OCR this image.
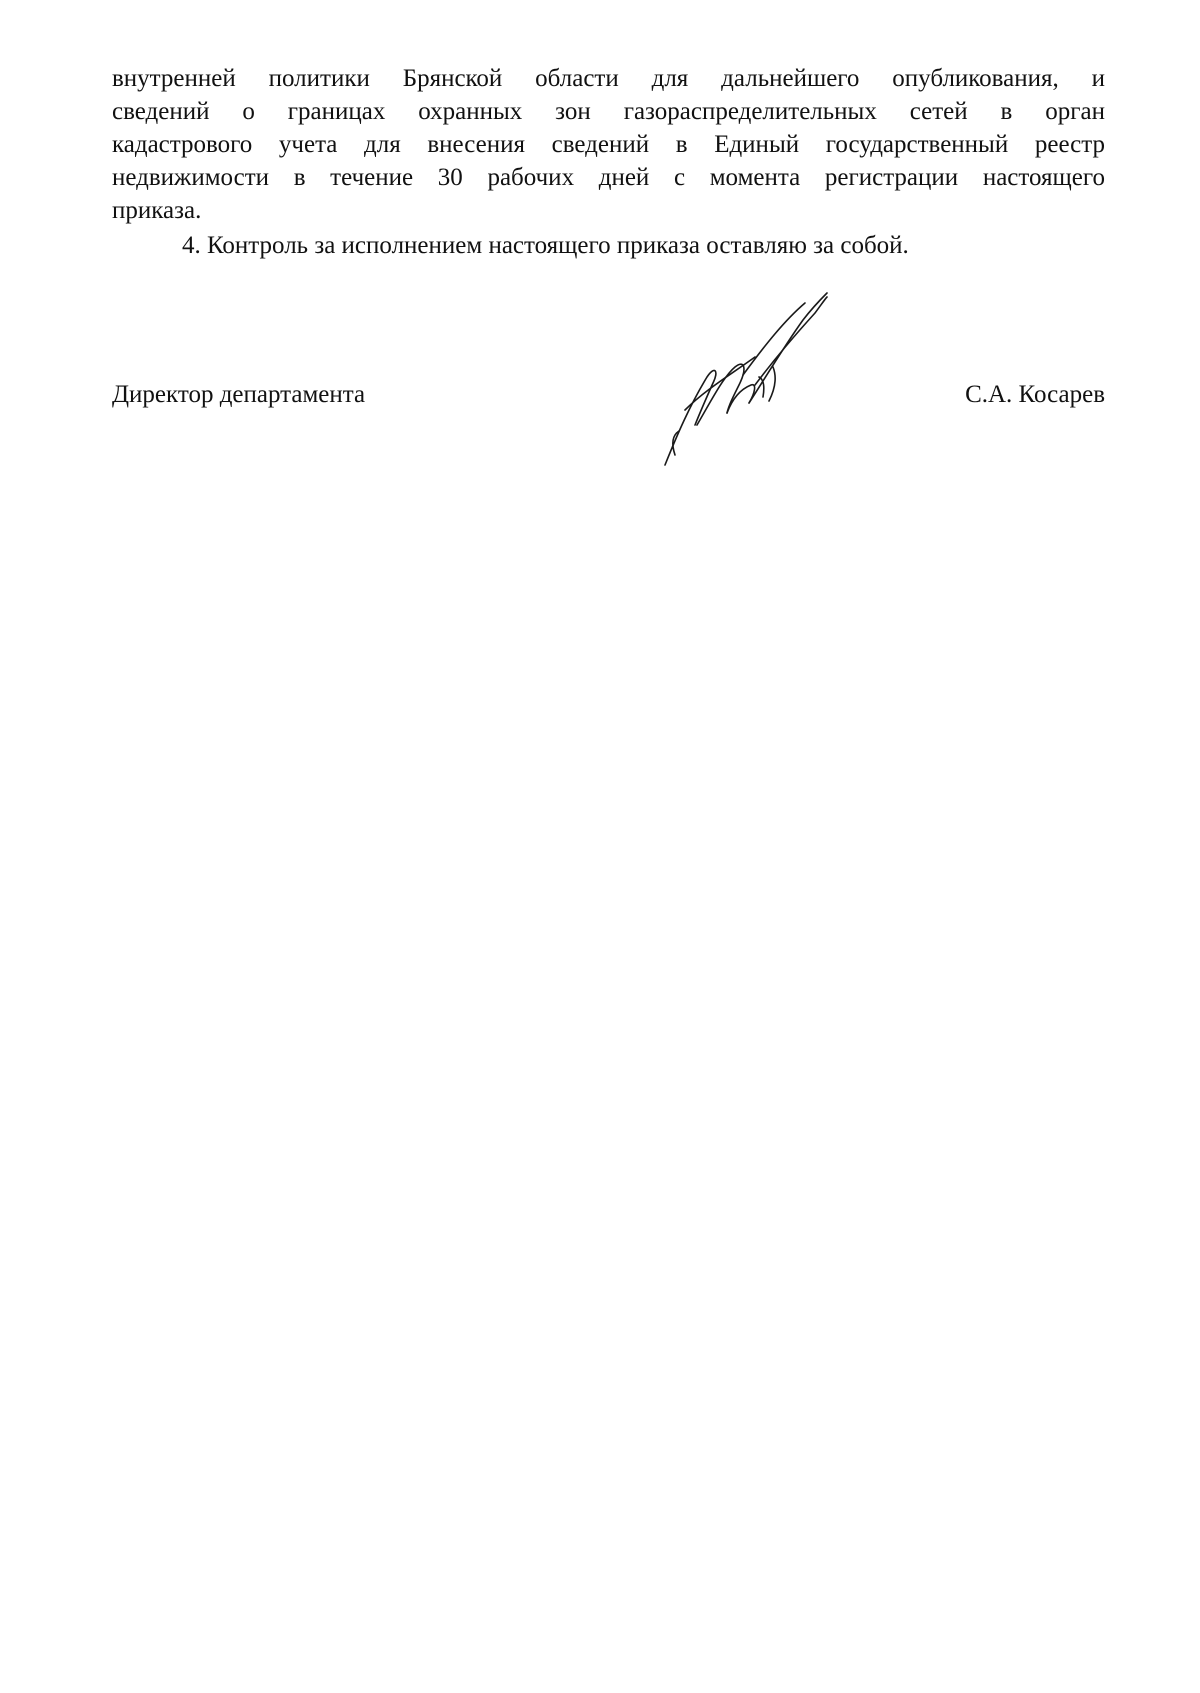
внутренней политики Брянской области для дальнейшего опубликования, и
сведений о границах охранных зон газораспределительных сетей в орган
кадастрового учета для внесения сведений в Единый государственный реестр
недвижимости в течение 30 рабочих дней с момента регистрации настоящего
приказа.
4. Контроль за исполнением настоящего приказа оставляю за собой.
Директор департамента	С.А. Косарев
